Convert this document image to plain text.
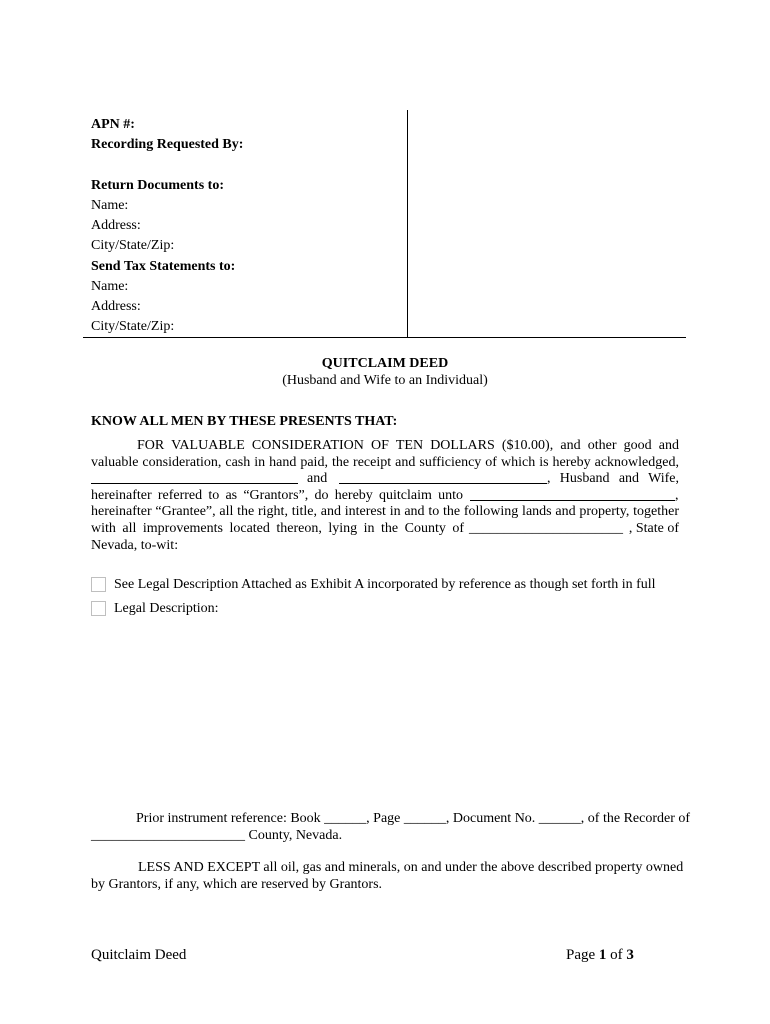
APN #:
Recording Requested By:
Return Documents to:
Name:
Address:
City/State/Zip:
Send Tax Statements to:
Name:
Address:
City/State/Zip:
QUITCLAIM DEED
(Husband and Wife to an Individual)
KNOW ALL MEN BY THESE PRESENTS THAT:
FOR VALUABLE CONSIDERATION OF TEN DOLLARS ($10.00), and other good and
valuable consideration, cash in hand paid, the receipt and sufficiency of which is hereby acknowledged,
and	, Husband and Wife,
hereinafter referred to as “Grantors”, do hereby quitclaim unto	,
hereinafter “Grantee”, all the right, title, and interest in and to the following lands and property, together
with all improvements located thereon, lying in the County of ______________________ , State of
Nevada, to-wit:
See Legal Description Attached as Exhibit A incorporated by reference as though set forth in full
Legal Description:
Prior instrument reference: Book ______, Page ______, Document No. ______, of the Recorder of
______________________ County, Nevada.
LESS AND EXCEPT all oil, gas and minerals, on and under the above described property owned
by Grantors, if any, which are reserved by Grantors.
Quitclaim Deed	Page 1 of 3
